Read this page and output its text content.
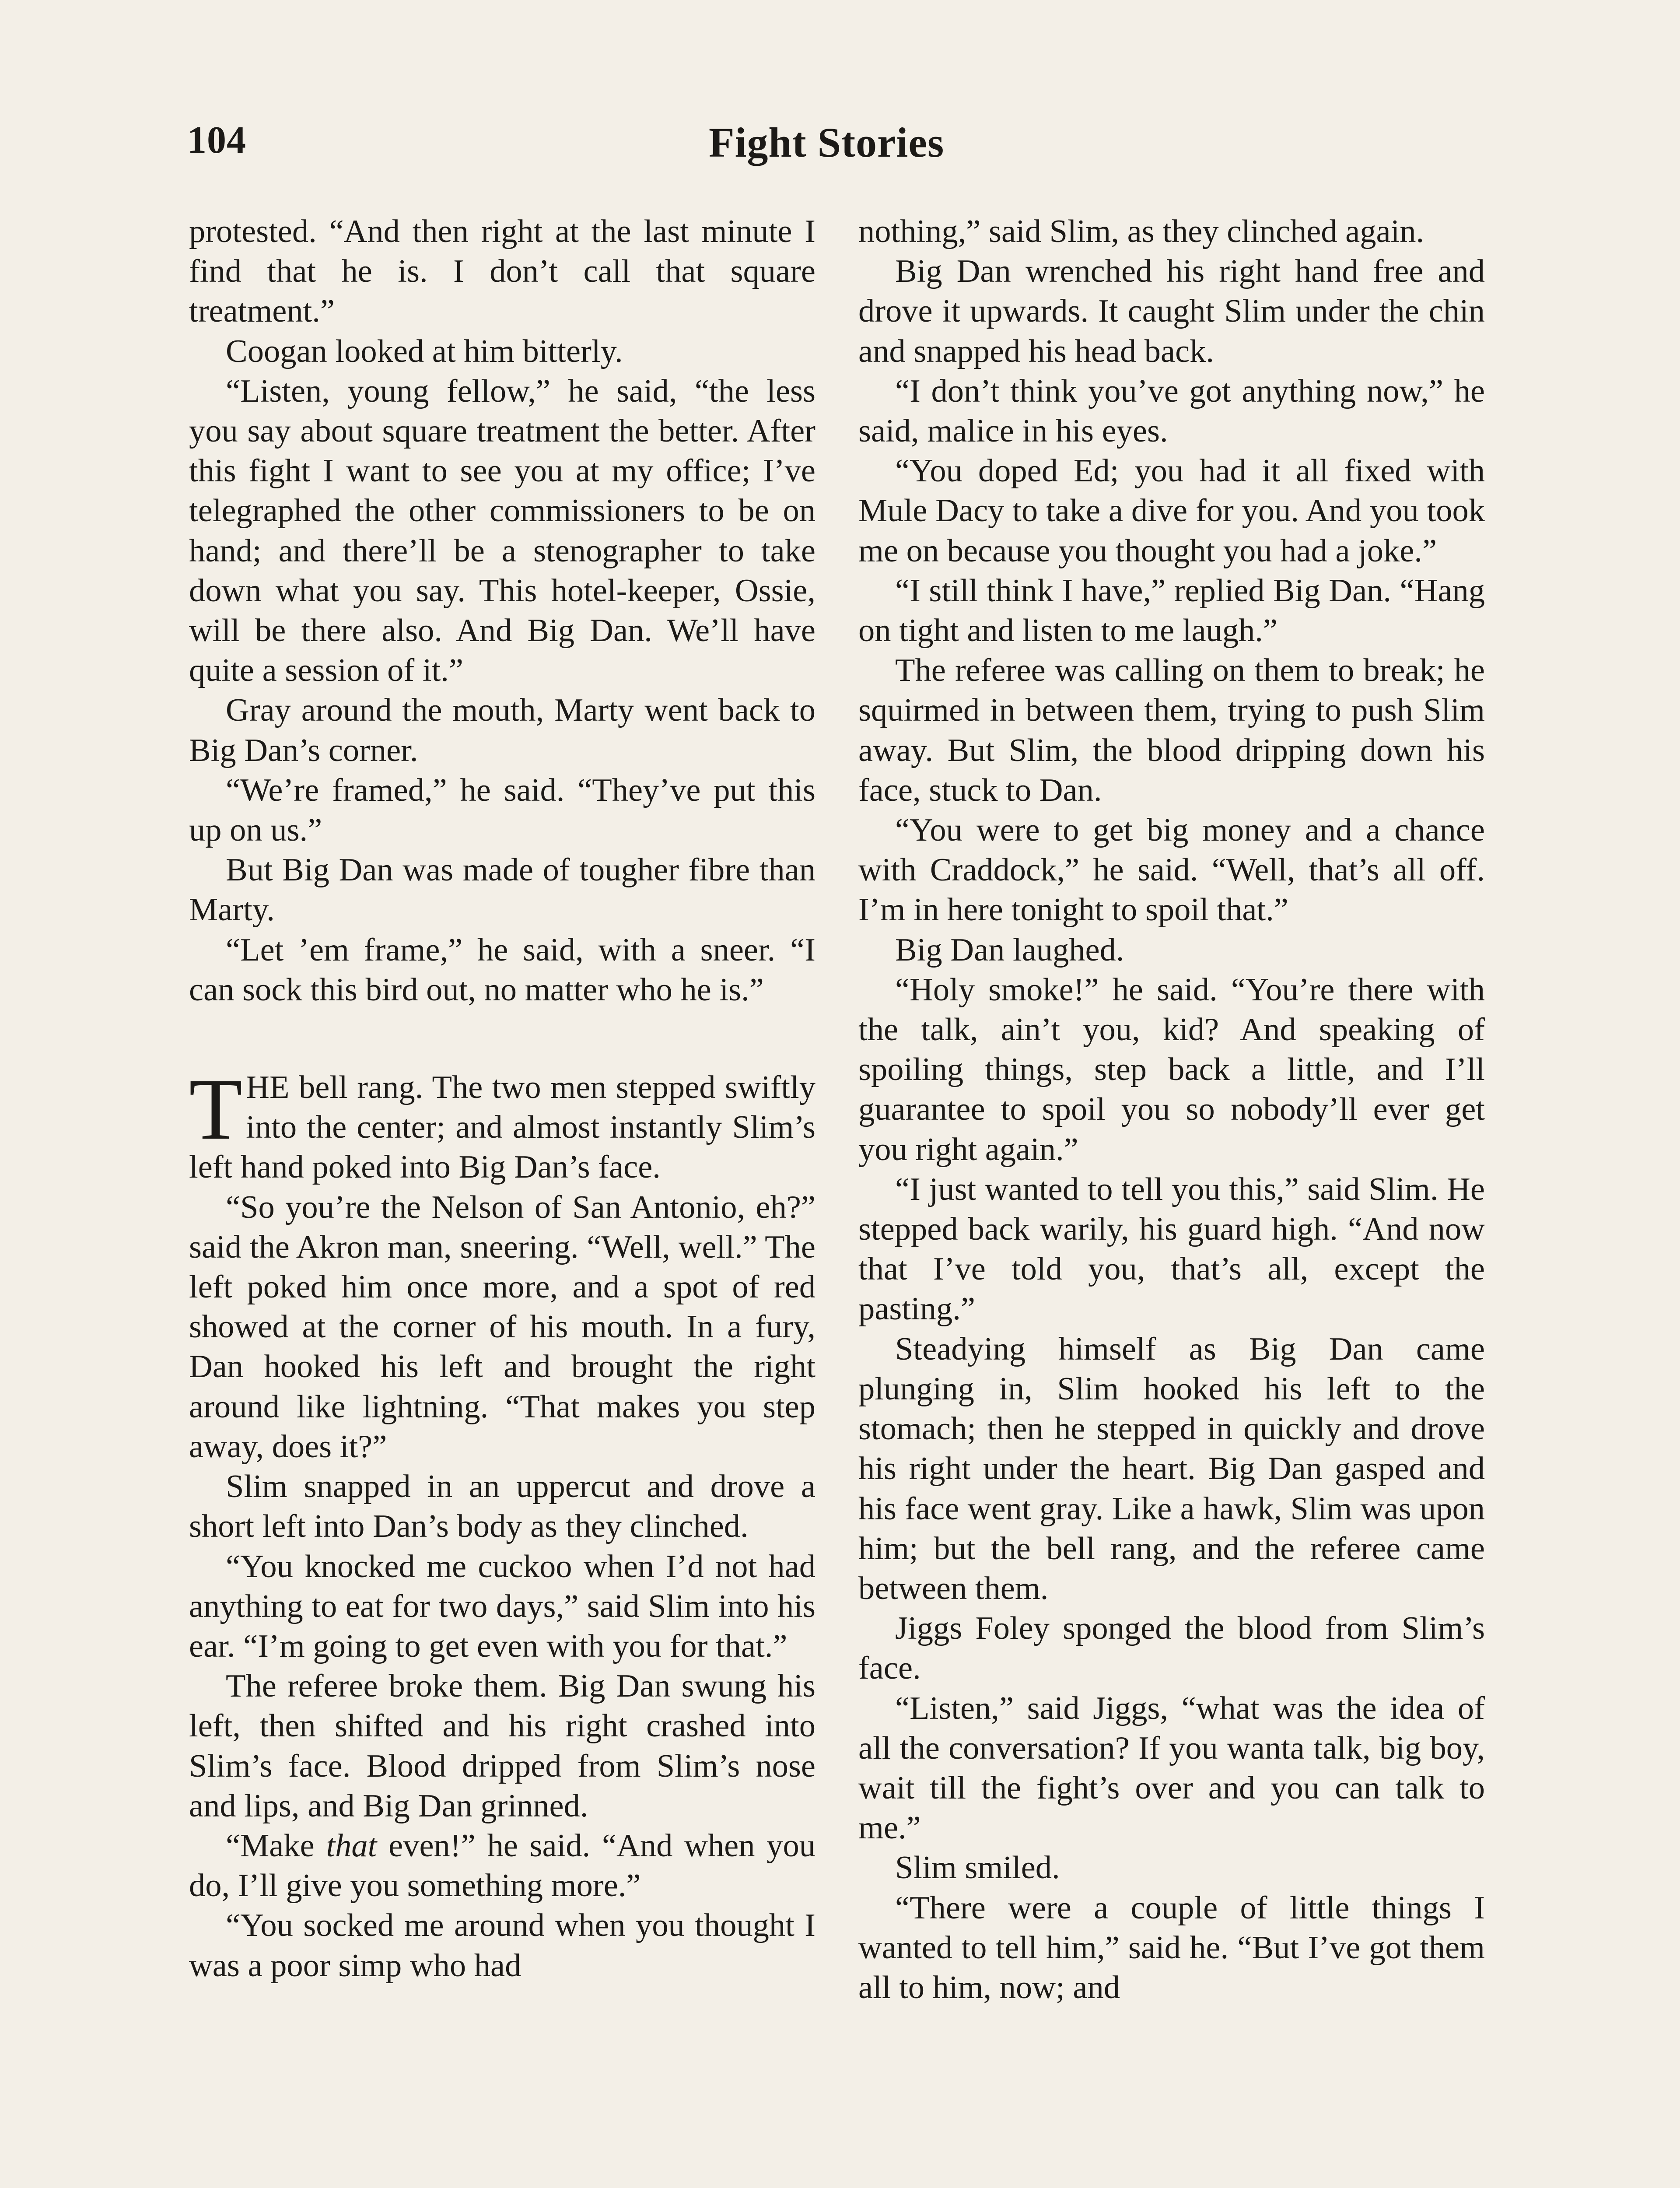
104	Fight Stories

protested. “And then right at the last minute I find that he is. I don’t call that square treatment.”

Coogan looked at him bitterly.

“Listen, young fellow,” he said, “the less you say about square treatment the better. After this fight I want to see you at my office; I’ve telegraphed the other commissioners to be on hand; and there’ll be a stenographer to take down what you say. This hotel-keeper, Ossie, will be there also. And Big Dan. We’ll have quite a session of it.”

Gray around the mouth, Marty went back to Big Dan’s corner.

“We’re framed,” he said. “They’ve put this up on us.”

But Big Dan was made of tougher fibre than Marty.

“Let ’em frame,” he said, with a sneer. “I can sock this bird out, no matter who he is.”

THE bell rang. The two men stepped swiftly into the center; and almost instantly Slim’s left hand poked into Big Dan’s face.

“So you’re the Nelson of San Antonio, eh?” said the Akron man, sneering. “Well, well.” The left poked him once more, and a spot of red showed at the corner of his mouth. In a fury, Dan hooked his left and brought the right around like lightning. “That makes you step away, does it?”

Slim snapped in an uppercut and drove a short left into Dan’s body as they clinched.

“You knocked me cuckoo when I’d not had anything to eat for two days,” said Slim into his ear. “I’m going to get even with you for that.”

The referee broke them. Big Dan swung his left, then shifted and his right crashed into Slim’s face. Blood dripped from Slim’s nose and lips, and Big Dan grinned.

“Make that even!” he said. “And when you do, I’ll give you something more.”

“You socked me around when you thought I was a poor simp who had

nothing,” said Slim, as they clinched again.

Big Dan wrenched his right hand free and drove it upwards. It caught Slim under the chin and snapped his head back.

“I don’t think you’ve got anything now,” he said, malice in his eyes.

“You doped Ed; you had it all fixed with Mule Dacy to take a dive for you. And you took me on because you thought you had a joke.”

“I still think I have,” replied Big Dan. “Hang on tight and listen to me laugh.”

The referee was calling on them to break; he squirmed in between them, trying to push Slim away. But Slim, the blood dripping down his face, stuck to Dan.

“You were to get big money and a chance with Craddock,” he said. “Well, that’s all off. I’m in here tonight to spoil that.”

Big Dan laughed.

“Holy smoke!” he said. “You’re there with the talk, ain’t you, kid? And speaking of spoiling things, step back a little, and I’ll guarantee to spoil you so nobody’ll ever get you right again.”

“I just wanted to tell you this,” said Slim. He stepped back warily, his guard high. “And now that I’ve told you, that’s all, except the pasting.”

Steadying himself as Big Dan came plunging in, Slim hooked his left to the stomach; then he stepped in quickly and drove his right under the heart. Big Dan gasped and his face went gray. Like a hawk, Slim was upon him; but the bell rang, and the referee came between them.

Jiggs Foley sponged the blood from Slim’s face.

“Listen,” said Jiggs, “what was the idea of all the conversation? If you wanta talk, big boy, wait till the fight’s over and you can talk to me.”

Slim smiled.

“There were a couple of little things I wanted to tell him,” said he. “But I’ve got them all to him, now; and
